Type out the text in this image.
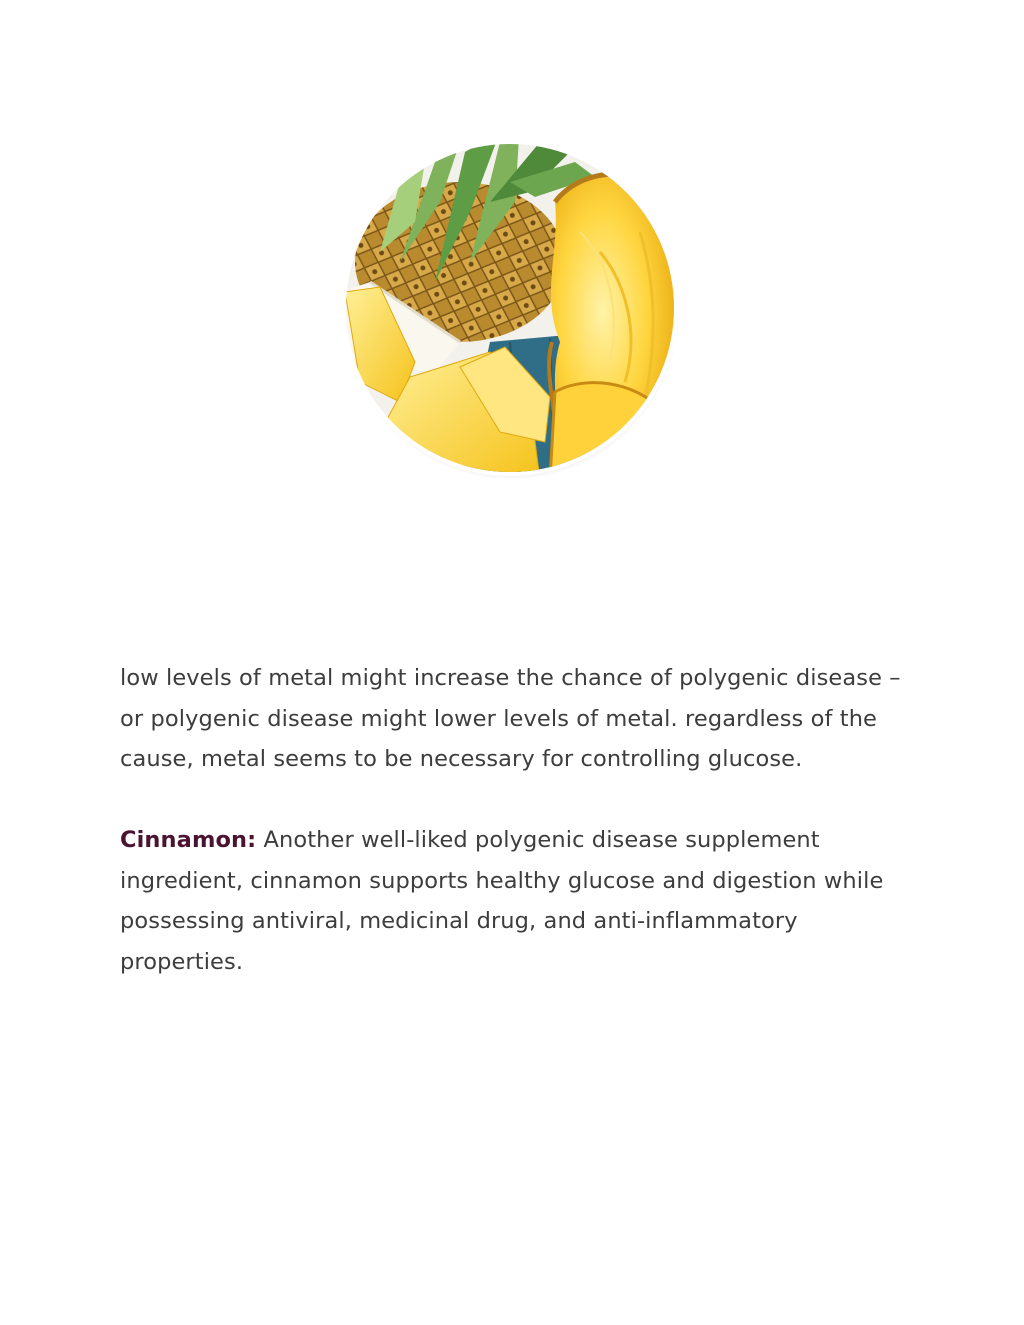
low levels of metal might increase the chance of polygenic disease – or polygenic disease might lower levels of metal. regardless of the cause, metal seems to be necessary for controlling glucose.

Cinnamon: Another well-liked polygenic disease supplement ingredient, cinnamon supports healthy glucose and digestion while possessing antiviral, medicinal drug, and anti-inflammatory properties.
